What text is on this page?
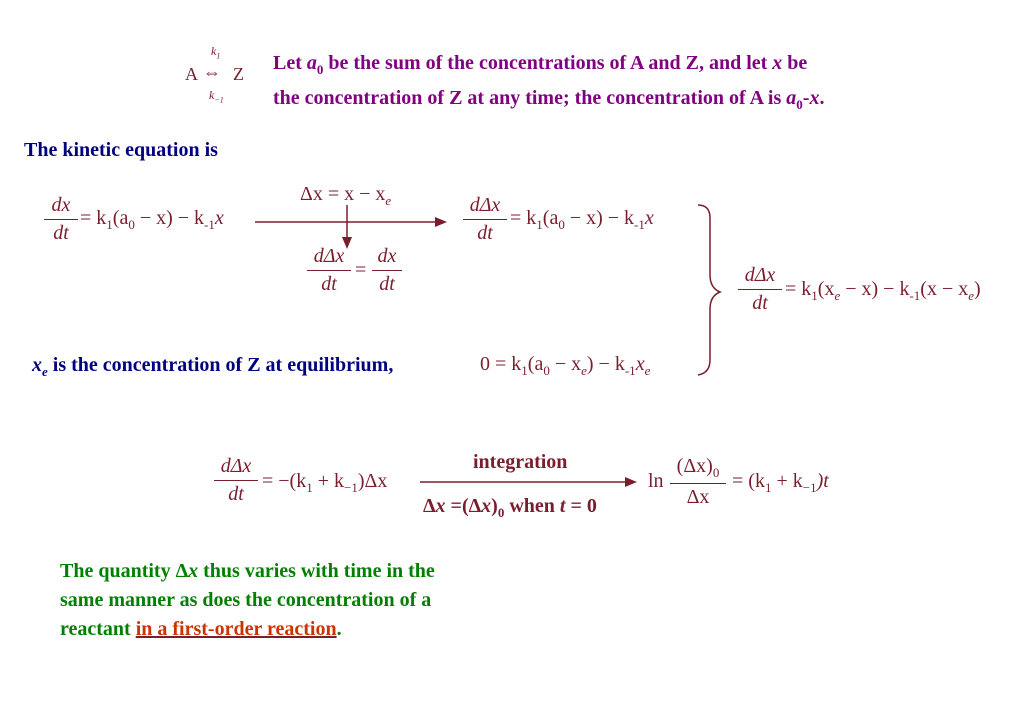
$k_1$
A ⇔ Z
$k_{-1}$
Let $a_0$ be the sum of the concentrations of A and Z, and let x be
the concentration of Z at any time; the concentration of A is $a_0-x$.
The kinetic equation is
dx
dt
= $k_1(a_0 - x) - k_{-1}x$
$\Delta x = x - x_e$
dΔx
dt
=
dx
dt
dΔx
dt
= $k_1(a_0 - x) - k_{-1}x$
dΔx
dt
= $k_1(x_e - x) - k_{-1}(x - x_e)$
$x_e$ is the concentration of Z at equilibrium,	$0 = k_1(a_0 - x_e) - k_{-1}x_e$
dΔx
dt
= $-(k_1 + k_{-1})\Delta x$
integration
$\Delta x =(\Delta x)_0$ when t = 0
ln
$(\Delta x)_0$
Δx
= $(k_1 + k_{-1})t$
The quantity Δx thus varies with time in the
same manner as does the concentration of a
reactant in a first-order reaction.
